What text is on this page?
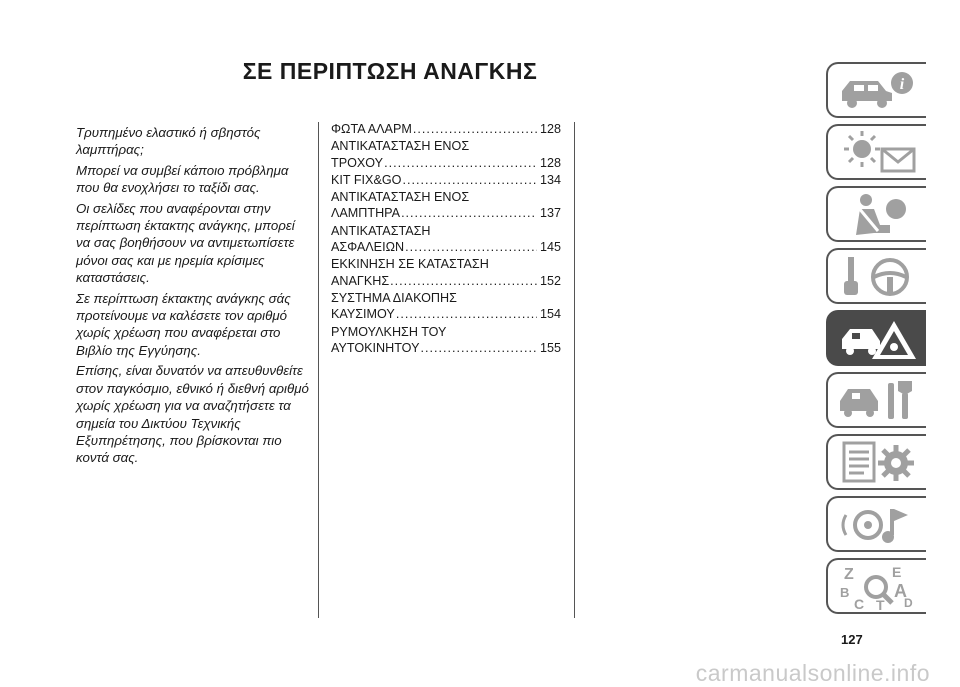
ΣΕ ΠΕΡΙΠΤΩΣΗ ΑΝΑΓΚΗΣ

Τρυπημένο ελαστικό ή σβηστός λαμπτήρας;

Μπορεί να συμβεί κάποιο πρόβλημα που θα ενοχλήσει το ταξίδι σας.

Οι σελίδες που αναφέρονται στην περίπτωση έκτακτης ανάγκης, μπορεί να σας βοηθήσουν να αντιμετωπίσετε μόνοι σας και με ηρεμία κρίσιμες καταστάσεις.

Σε περίπτωση έκτακτης ανάγκης σάς προτείνουμε να καλέσετε τον αριθμό χωρίς χρέωση που αναφέρεται στο Βιβλίο της Εγγύησης.

Επίσης, είναι δυνατόν να απευθυνθείτε στον παγκόσμιο, εθνικό ή διεθνή αριθμό χωρίς χρέωση για να αναζητήσετε τα σημεία του Δικτύου Τεχνικής Εξυπηρέτησης, που βρίσκονται πιο κοντά σας.

ΦΩΤΑ ΑΛΑΡΜ .....	128
ΑΝΤΙΚΑΤΑΣΤΑΣΗ ΕΝΟΣ
ΤΡΟΧΟΥ .....	128
KIT FIX&GO .....	134
ΑΝΤΙΚΑΤΑΣΤΑΣΗ ΕΝΟΣ
ΛΑΜΠΤΗΡΑ .....	137
ΑΝΤΙΚΑΤΑΣΤΑΣΗ
ΑΣΦΑΛΕΙΩΝ .....	145
ΕΚΚΙΝΗΣΗ ΣΕ ΚΑΤΑΣΤΑΣΗ
ΑΝΑΓΚΗΣ .....	152
ΣΥΣΤΗΜΑ ΔΙΑΚΟΠΗΣ
ΚΑΥΣΙΜΟΥ .....	154
ΡΥΜΟΥΛΚΗΣΗ ΤΟΥ
ΑΥΤΟΚΙΝΗΤΟΥ .....	155
i
Z	E
B A
C	D
T
127
carmanualsonline.info
